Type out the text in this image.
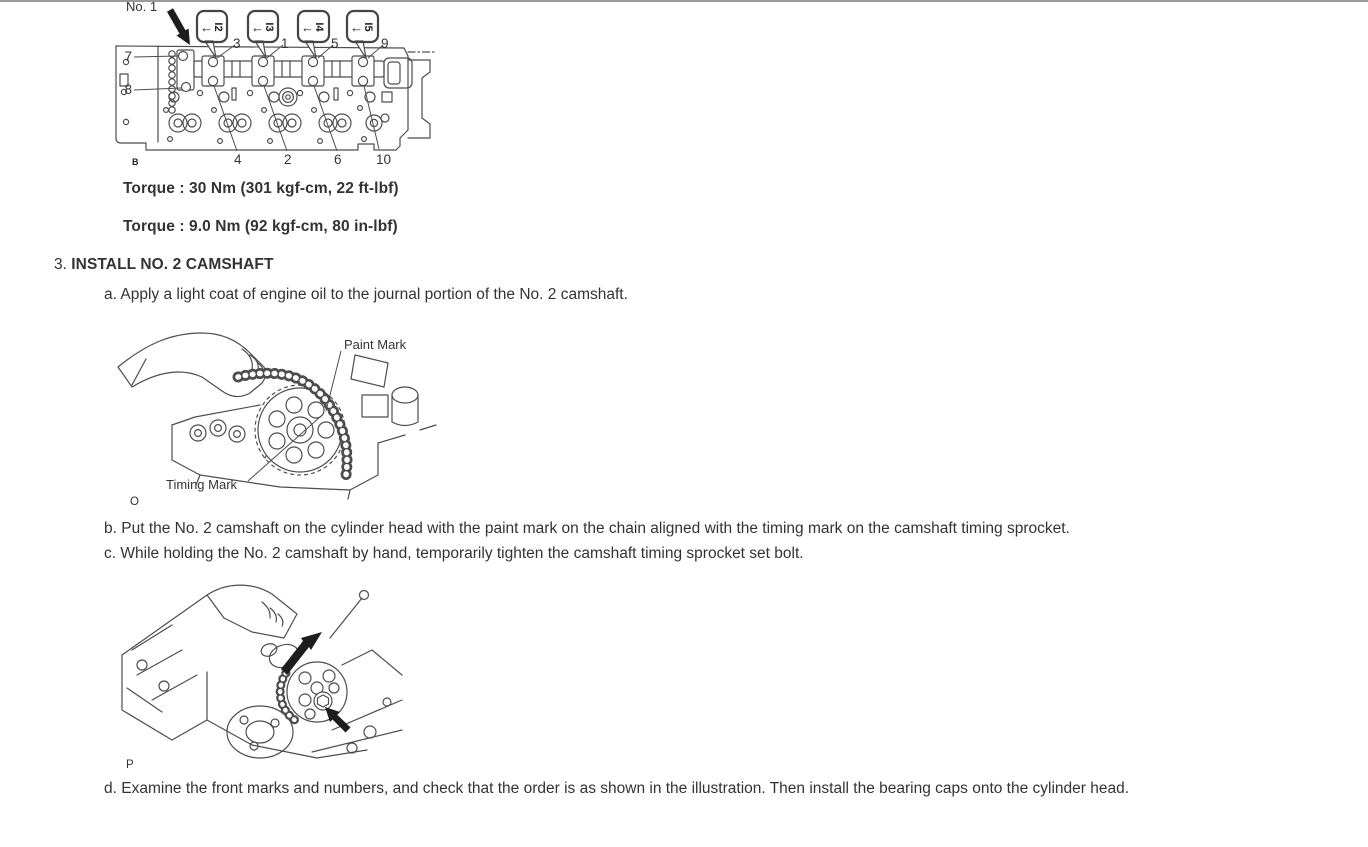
No. 1
←	←	←	←
I2	I3	I4	I5
3	1	5	9
7
8
4	2	6	10
B
Torque : 30 Nm (301 kgf-cm, 22 ft-lbf)
Torque : 9.0 Nm (92 kgf-cm, 80 in-lbf)
3. INSTALL NO. 2 CAMSHAFT
a. Apply a light coat of engine oil to the journal portion of the No. 2 camshaft.
Paint Mark
Timing Mark
O
b. Put the No. 2 camshaft on the cylinder head with the paint mark on the chain aligned with the timing mark on the camshaft timing sprocket.
c. While holding the No. 2 camshaft by hand, temporarily tighten the camshaft timing sprocket set bolt.
P
d. Examine the front marks and numbers, and check that the order is as shown in the illustration. Then install the bearing caps onto the cylinder head.
